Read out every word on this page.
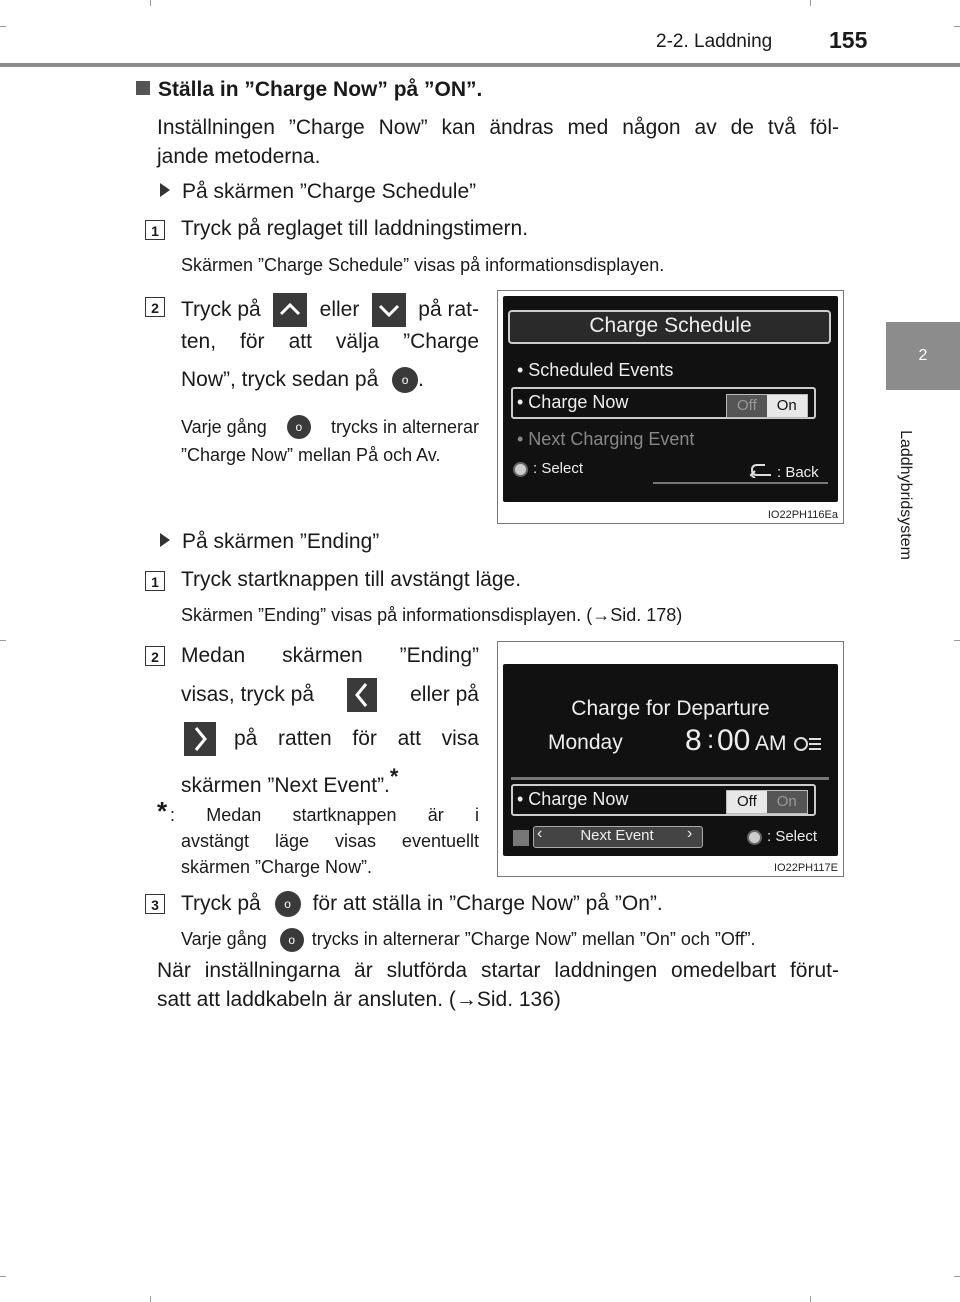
2-2. Laddning 155
2
Laddhybridsystem
Ställa in ”Charge Now” på ”ON”.
Inställningen ”Charge Now” kan ändras med någon av de två föl-
jande metoderna.
På skärmen ”Charge Schedule”
1 Tryck på reglaget till laddningstimern.
Skärmen ”Charge Schedule” visas på informationsdisplayen.
2 Tryck på	eller	på rat-
ten, för att välja ”Charge
Now”, tryck sedan på o .
Varje gång	o	trycks in alternerar
”Charge Now” mellan På och Av.
Charge Schedule
• Scheduled Events
• Charge Now	Off	On
• Next Charging Event
: Select	: Back
IO22PH116Ea
På skärmen ”Ending”
1 Tryck startknappen till avstängt läge.
Skärmen ”Ending” visas på informationsdisplayen. (→Sid. 178)
2 Medan skärmen ”Ending”
visas, tryck på	eller på
på ratten för att visa
skärmen ”Next Event”.*
* : Medan startknappen är i
avstängt läge visas eventuellt
skärmen ”Charge Now”.
Charge for Departure
Monday 8 : 00 AM
• Charge Now	Off	On
‹	Next Event	›	: Select
IO22PH117E
3 Tryck på o för att ställa in ”Charge Now” på ”On”.
Varje gång o trycks in alternerar ”Charge Now” mellan ”On” och ”Off”.
När inställningarna är slutförda startar laddningen omedelbart förut-
satt att laddkabeln är ansluten. (→Sid. 136)
